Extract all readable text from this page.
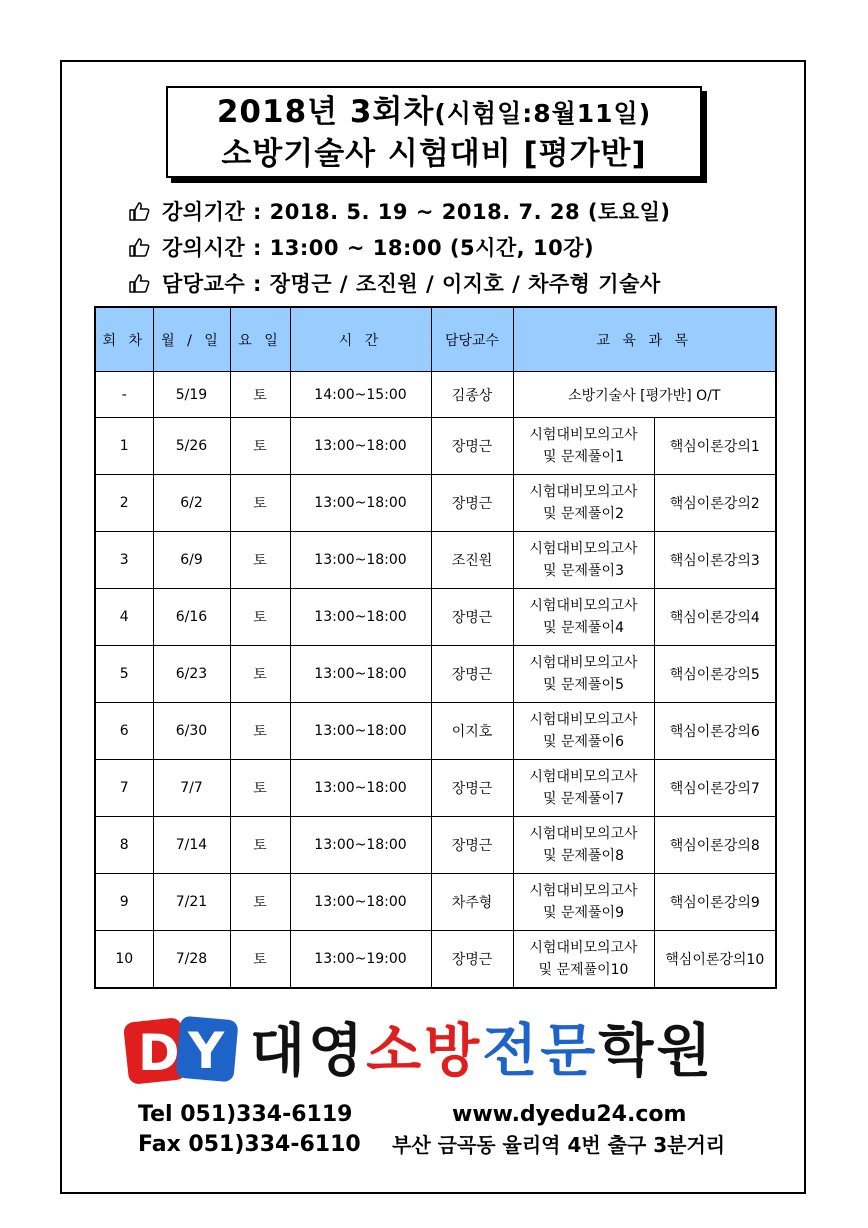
2018년 3회차(시험일:8월11일)
소방기술사 시험대비 [평가반]
강의기간 : 2018. 5. 19 ~ 2018. 7. 28 (토요일)
강의시간 : 13:00 ~ 18:00 (5시간, 10강)
담당교수 : 장명근 / 조진원 / 이지호 / 차주형 기술사
회 차	월 / 일	요 일	시 간	담당교수	교 육 과 목	
-	5/19	토	14:00~15:00	김종상	소방기술사 [평가반] O/T	
1	5/26	토	13:00~18:00	장명근	시험대비모의고사
및 문제풀이1	핵심이론강의1
2	6/2	토	13:00~18:00	장명근	시험대비모의고사
및 문제풀이2	핵심이론강의2
3	6/9	토	13:00~18:00	조진원	시험대비모의고사
및 문제풀이3	핵심이론강의3
4	6/16	토	13:00~18:00	장명근	시험대비모의고사
및 문제풀이4	핵심이론강의4
5	6/23	토	13:00~18:00	장명근	시험대비모의고사
및 문제풀이5	핵심이론강의5
6	6/30	토	13:00~18:00	이지호	시험대비모의고사
및 문제풀이6	핵심이론강의6
7	7/7	토	13:00~18:00	장명근	시험대비모의고사
및 문제풀이7	핵심이론강의7
8	7/14	토	13:00~18:00	장명근	시험대비모의고사
및 문제풀이8	핵심이론강의8
9	7/21	토	13:00~18:00	차주형	시험대비모의고사
및 문제풀이9	핵심이론강의9
10	7/28	토	13:00~19:00	장명근	시험대비모의고사
및 문제풀이10	핵심이론강의10
D Y 대영소방전문학원
Tel 051)334-6119	www.dyedu24.com
Fax 051)334-6110 부산 금곡동 율리역 4번 출구 3분거리
